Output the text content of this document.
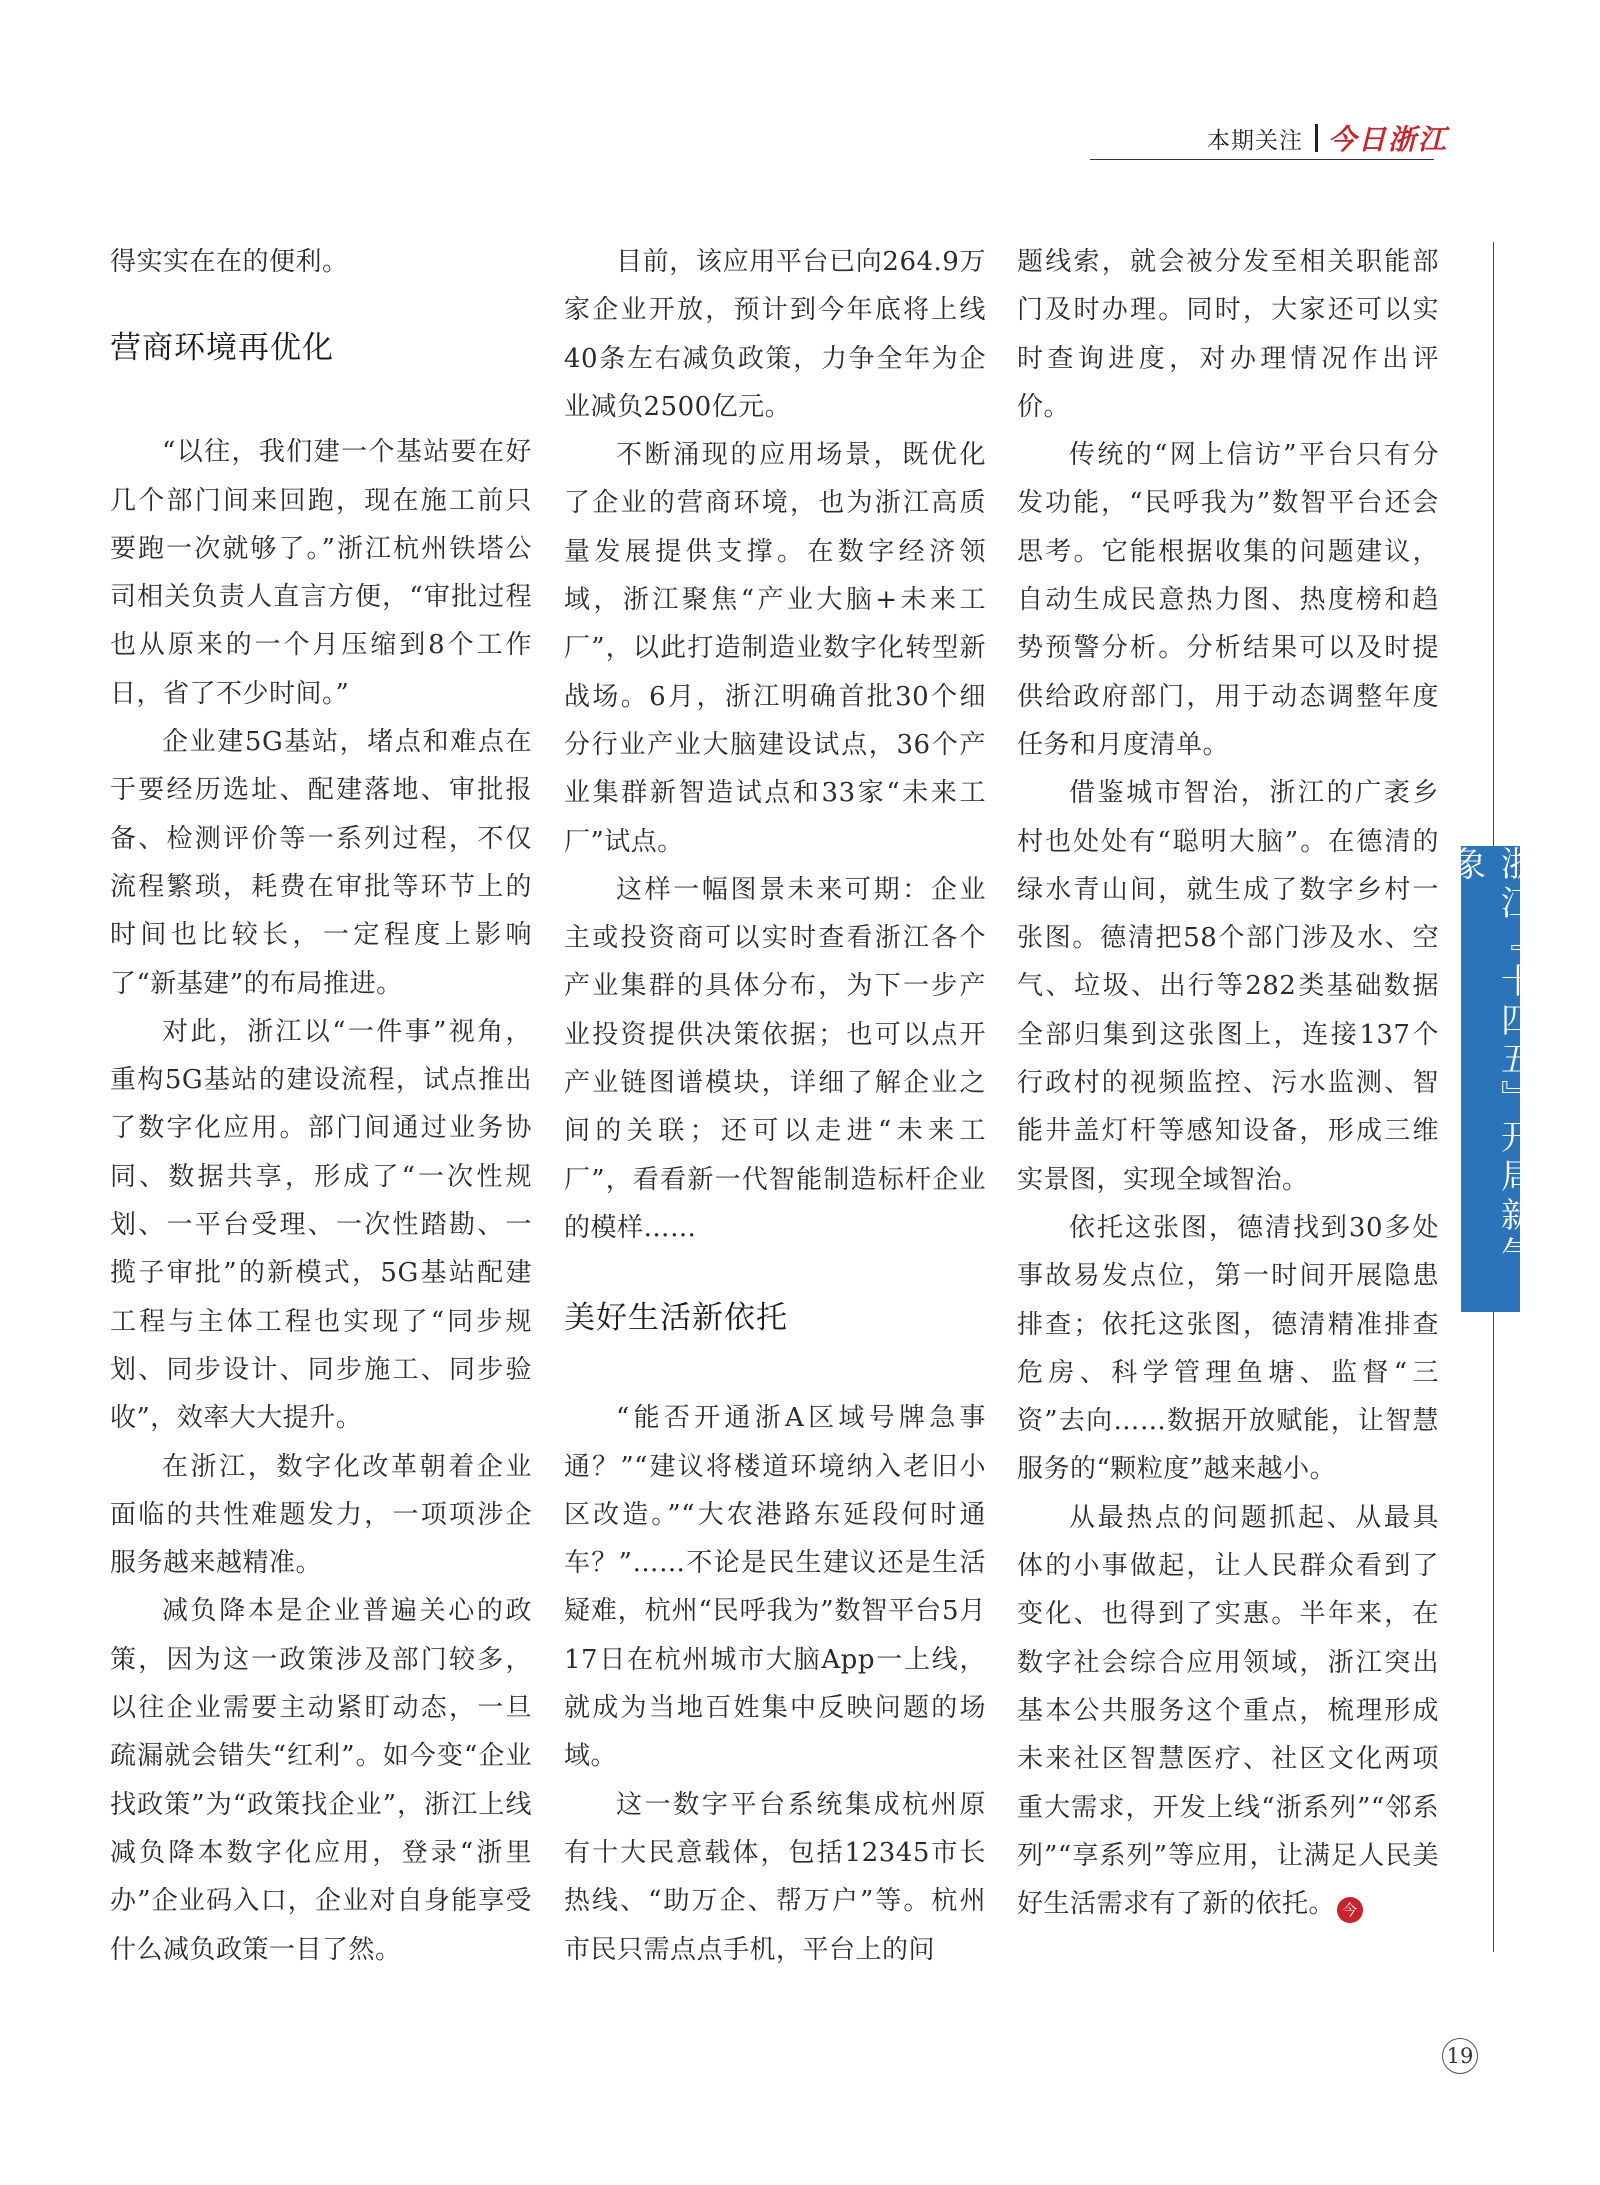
本期关注 今日浙江

得实实在在的便利。

营商环境再优化

“以往，我们建一个基站要在好几个部门间来回跑，现在施工前只要跑一次就够了。”浙江杭州铁塔公司相关负责人直言方便，“审批过程也从原来的一个月压缩到8个工作日，省了不少时间。”

企业建5G基站，堵点和难点在于要经历选址、配建落地、审批报备、检测评价等一系列过程，不仅流程繁琐，耗费在审批等环节上的时间也比较长，一定程度上影响了“新基建”的布局推进。

对此，浙江以“一件事”视角，重构5G基站的建设流程，试点推出了数字化应用。部门间通过业务协同、数据共享，形成了“一次性规划、一平台受理、一次性踏勘、一揽子审批”的新模式，5G基站配建工程与主体工程也实现了“同步规划、同步设计、同步施工、同步验收”，效率大大提升。

在浙江，数字化改革朝着企业面临的共性难题发力，一项项涉企服务越来越精准。

减负降本是企业普遍关心的政策，因为这一政策涉及部门较多，以往企业需要主动紧盯动态，一旦疏漏就会错失“红利”。如今变“企业找政策”为“政策找企业”，浙江上线减负降本数字化应用，登录“浙里办”企业码入口，企业对自身能享受什么减负政策一目了然。

目前，该应用平台已向264.9万家企业开放，预计到今年底将上线40条左右减负政策，力争全年为企业减负2500亿元。

不断涌现的应用场景，既优化了企业的营商环境，也为浙江高质量发展提供支撑。在数字经济领域，浙江聚焦“产业大脑+未来工厂”，以此打造制造业数字化转型新战场。6月，浙江明确首批30个细分行业产业大脑建设试点，36个产业集群新智造试点和33家“未来工厂”试点。

这样一幅图景未来可期：企业主或投资商可以实时查看浙江各个产业集群的具体分布，为下一步产业投资提供决策依据；也可以点开产业链图谱模块，详细了解企业之间的关联；还可以走进“未来工厂”，看看新一代智能制造标杆企业的模样……

美好生活新依托

“能否开通浙A区域号牌急事通？”“建议将楼道环境纳入老旧小区改造。”“大农港路东延段何时通车？”……不论是民生建议还是生活疑难，杭州“民呼我为”数智平台5月17日在杭州城市大脑App一上线，就成为当地百姓集中反映问题的场域。

这一数字平台系统集成杭州原有十大民意载体，包括12345市长热线、“助万企、帮万户”等。杭州市民只需点点手机，平台上的问

题线索，就会被分发至相关职能部门及时办理。同时，大家还可以实时查询进度，对办理情况作出评价。

传统的“网上信访”平台只有分发功能，“民呼我为”数智平台还会思考。它能根据收集的问题建议，自动生成民意热力图、热度榜和趋势预警分析。分析结果可以及时提供给政府部门，用于动态调整年度任务和月度清单。

借鉴城市智治，浙江的广袤乡村也处处有“聪明大脑”。在德清的绿水青山间，就生成了数字乡村一张图。德清把58个部门涉及水、空气、垃圾、出行等282类基础数据全部归集到这张图上，连接137个行政村的视频监控、污水监测、智能井盖灯杆等感知设备，形成三维实景图，实现全域智治。

依托这张图，德清找到30多处事故易发点位，第一时间开展隐患排查；依托这张图，德清精准排查危房、科学管理鱼塘、监督“三资”去向……数据开放赋能，让智慧服务的“颗粒度”越来越小。

从最热点的问题抓起、从最具体的小事做起，让人民群众看到了变化、也得到了实惠。半年来，在数字社会综合应用领域，浙江突出基本公共服务这个重点，梳理形成未来社区智慧医疗、社区文化两项重大需求，开发上线“浙系列”“邻系列”“享系列”等应用，让满足人民美好生活需求有了新的依托。 今

浙江『十四五』开局新气象
19
